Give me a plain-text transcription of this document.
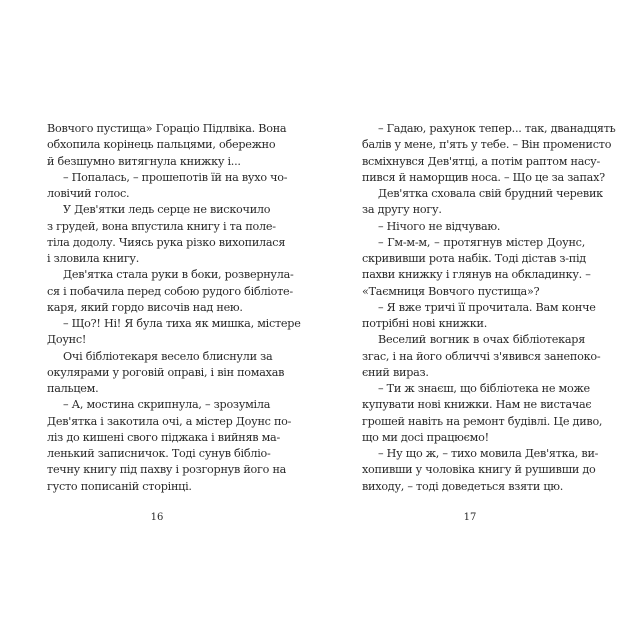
Вовчого пустища» Гораціо Підлвіка. Вона
обхопила корінець пальцями, обережно
й безшумно витягнула книжку і...
– Попалась, – прошепотів їй на вухо чо-
ловічий голос.
У Дев'ятки ледь серце не вискочило
з грудей, вона впустила книгу і та поле-
тіла додолу. Чиясь рука різко вихопилася
і зловила книгу.
Дев'ятка стала руки в боки, розвернула-
ся і побачила перед собою рудого бібліоте-
каря, який гордо височів над нею.
– Що?! Ні! Я була тиха як мишка, містере
Доунс!
Очі бібліотекаря весело блиснули за
окулярами у роговій оправі, і він помахав
пальцем.
– А, мостина скрипнула, – зрозуміла
Дев'ятка і закотила очі, а містер Доунс по-
ліз до кишені свого піджака і вийняв ма-
ленький записничок. Тоді сунув бібліо-
течну книгу під пахву і розгорнув його на
густо пописаній сторінці.
16
– Гадаю, рахунок тепер... так, дванадцять
балів у мене, п'ять у тебе. – Він променисто
всміхнувся Дев'ятці, а потім раптом насу-
пився й наморщив носа. – Що це за запах?
Дев'ятка сховала свій брудний черевик
за другу ногу.
– Нічого не відчуваю.
– Гм-м-м, – протягнув містер Доунс,
скрививши рота набік. Тоді дістав з-під
пахви книжку і глянув на обкладинку. –
«Таємниця Вовчого пустища»?
– Я вже тричі її прочитала. Вам конче
потрібні нові книжки.
Веселий вогник в очах бібліотекаря
згас, і на його обличчі з'явився занепоко-
єний вираз.
– Ти ж знаєш, що бібліотека не може
купувати нові книжки. Нам не вистачає
грошей навіть на ремонт будівлі. Це диво,
що ми досі працюємо!
– Ну що ж, – тихо мовила Дев'ятка, ви-
хопивши у чоловіка книгу й рушивши до
виходу, – тоді доведеться взяти цю.
17
